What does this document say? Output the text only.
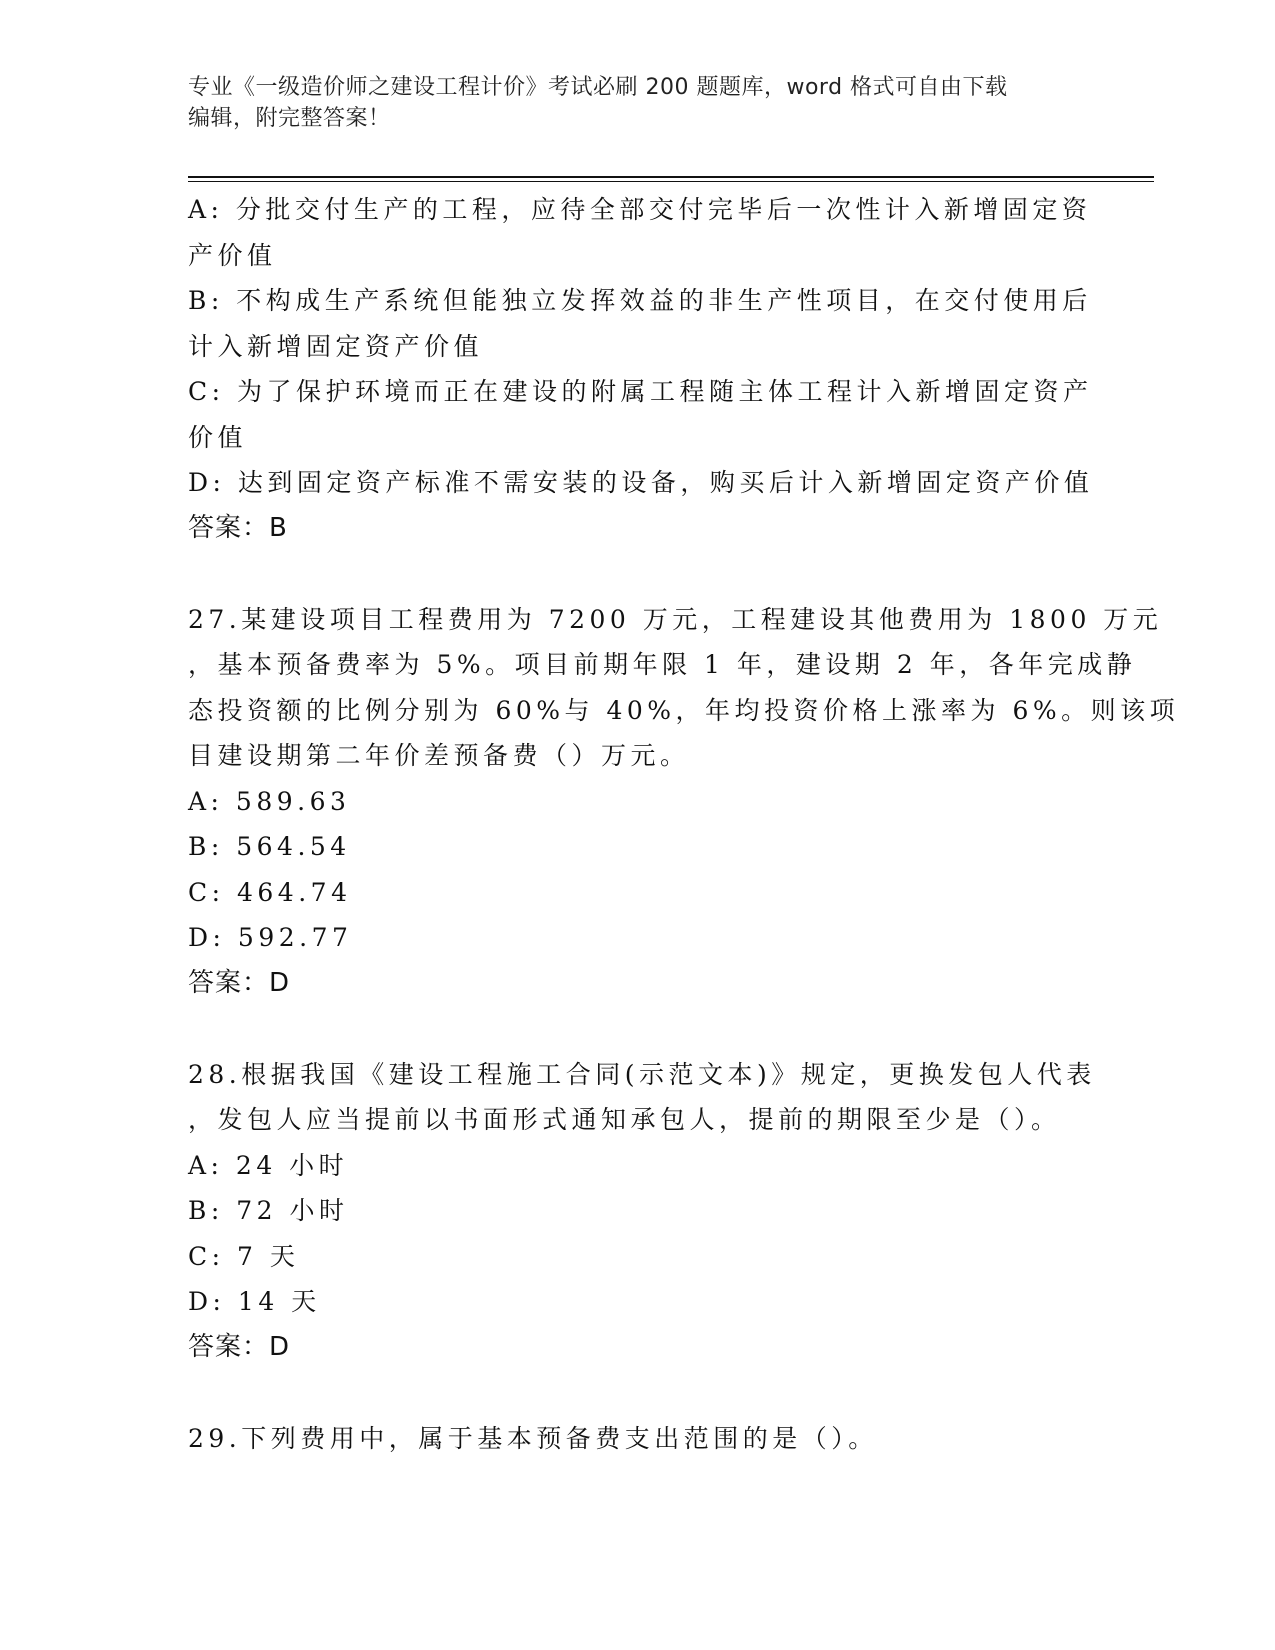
专业《一级造价师之建设工程计价》考试必刷 200 题题库，word 格式可自由下载
编辑，附完整答案！
A: 分批交付生产的工程，应待全部交付完毕后一次性计入新增固定资
产价值
B: 不构成生产系统但能独立发挥效益的非生产性项目，在交付使用后
计入新增固定资产价值
C: 为了保护环境而正在建设的附属工程随主体工程计入新增固定资产
价值
D: 达到固定资产标准不需安装的设备，购买后计入新增固定资产价值
答案：B
27.某建设项目工程费用为 7200 万元，工程建设其他费用为 1800 万元
，基本预备费率为 5%。项目前期年限 1 年，建设期 2 年，各年完成静
态投资额的比例分别为 60%与 40%，年均投资价格上涨率为 6%。则该项
目建设期第二年价差预备费（）万元。
A: 589.63
B: 564.54
C: 464.74
D: 592.77
答案：D
28.根据我国《建设工程施工合同(示范文本)》规定，更换发包人代表
，发包人应当提前以书面形式通知承包人，提前的期限至少是（）。
A: 24 小时
B: 72 小时
C: 7 天
D: 14 天
答案：D
29.下列费用中，属于基本预备费支出范围的是（）。
